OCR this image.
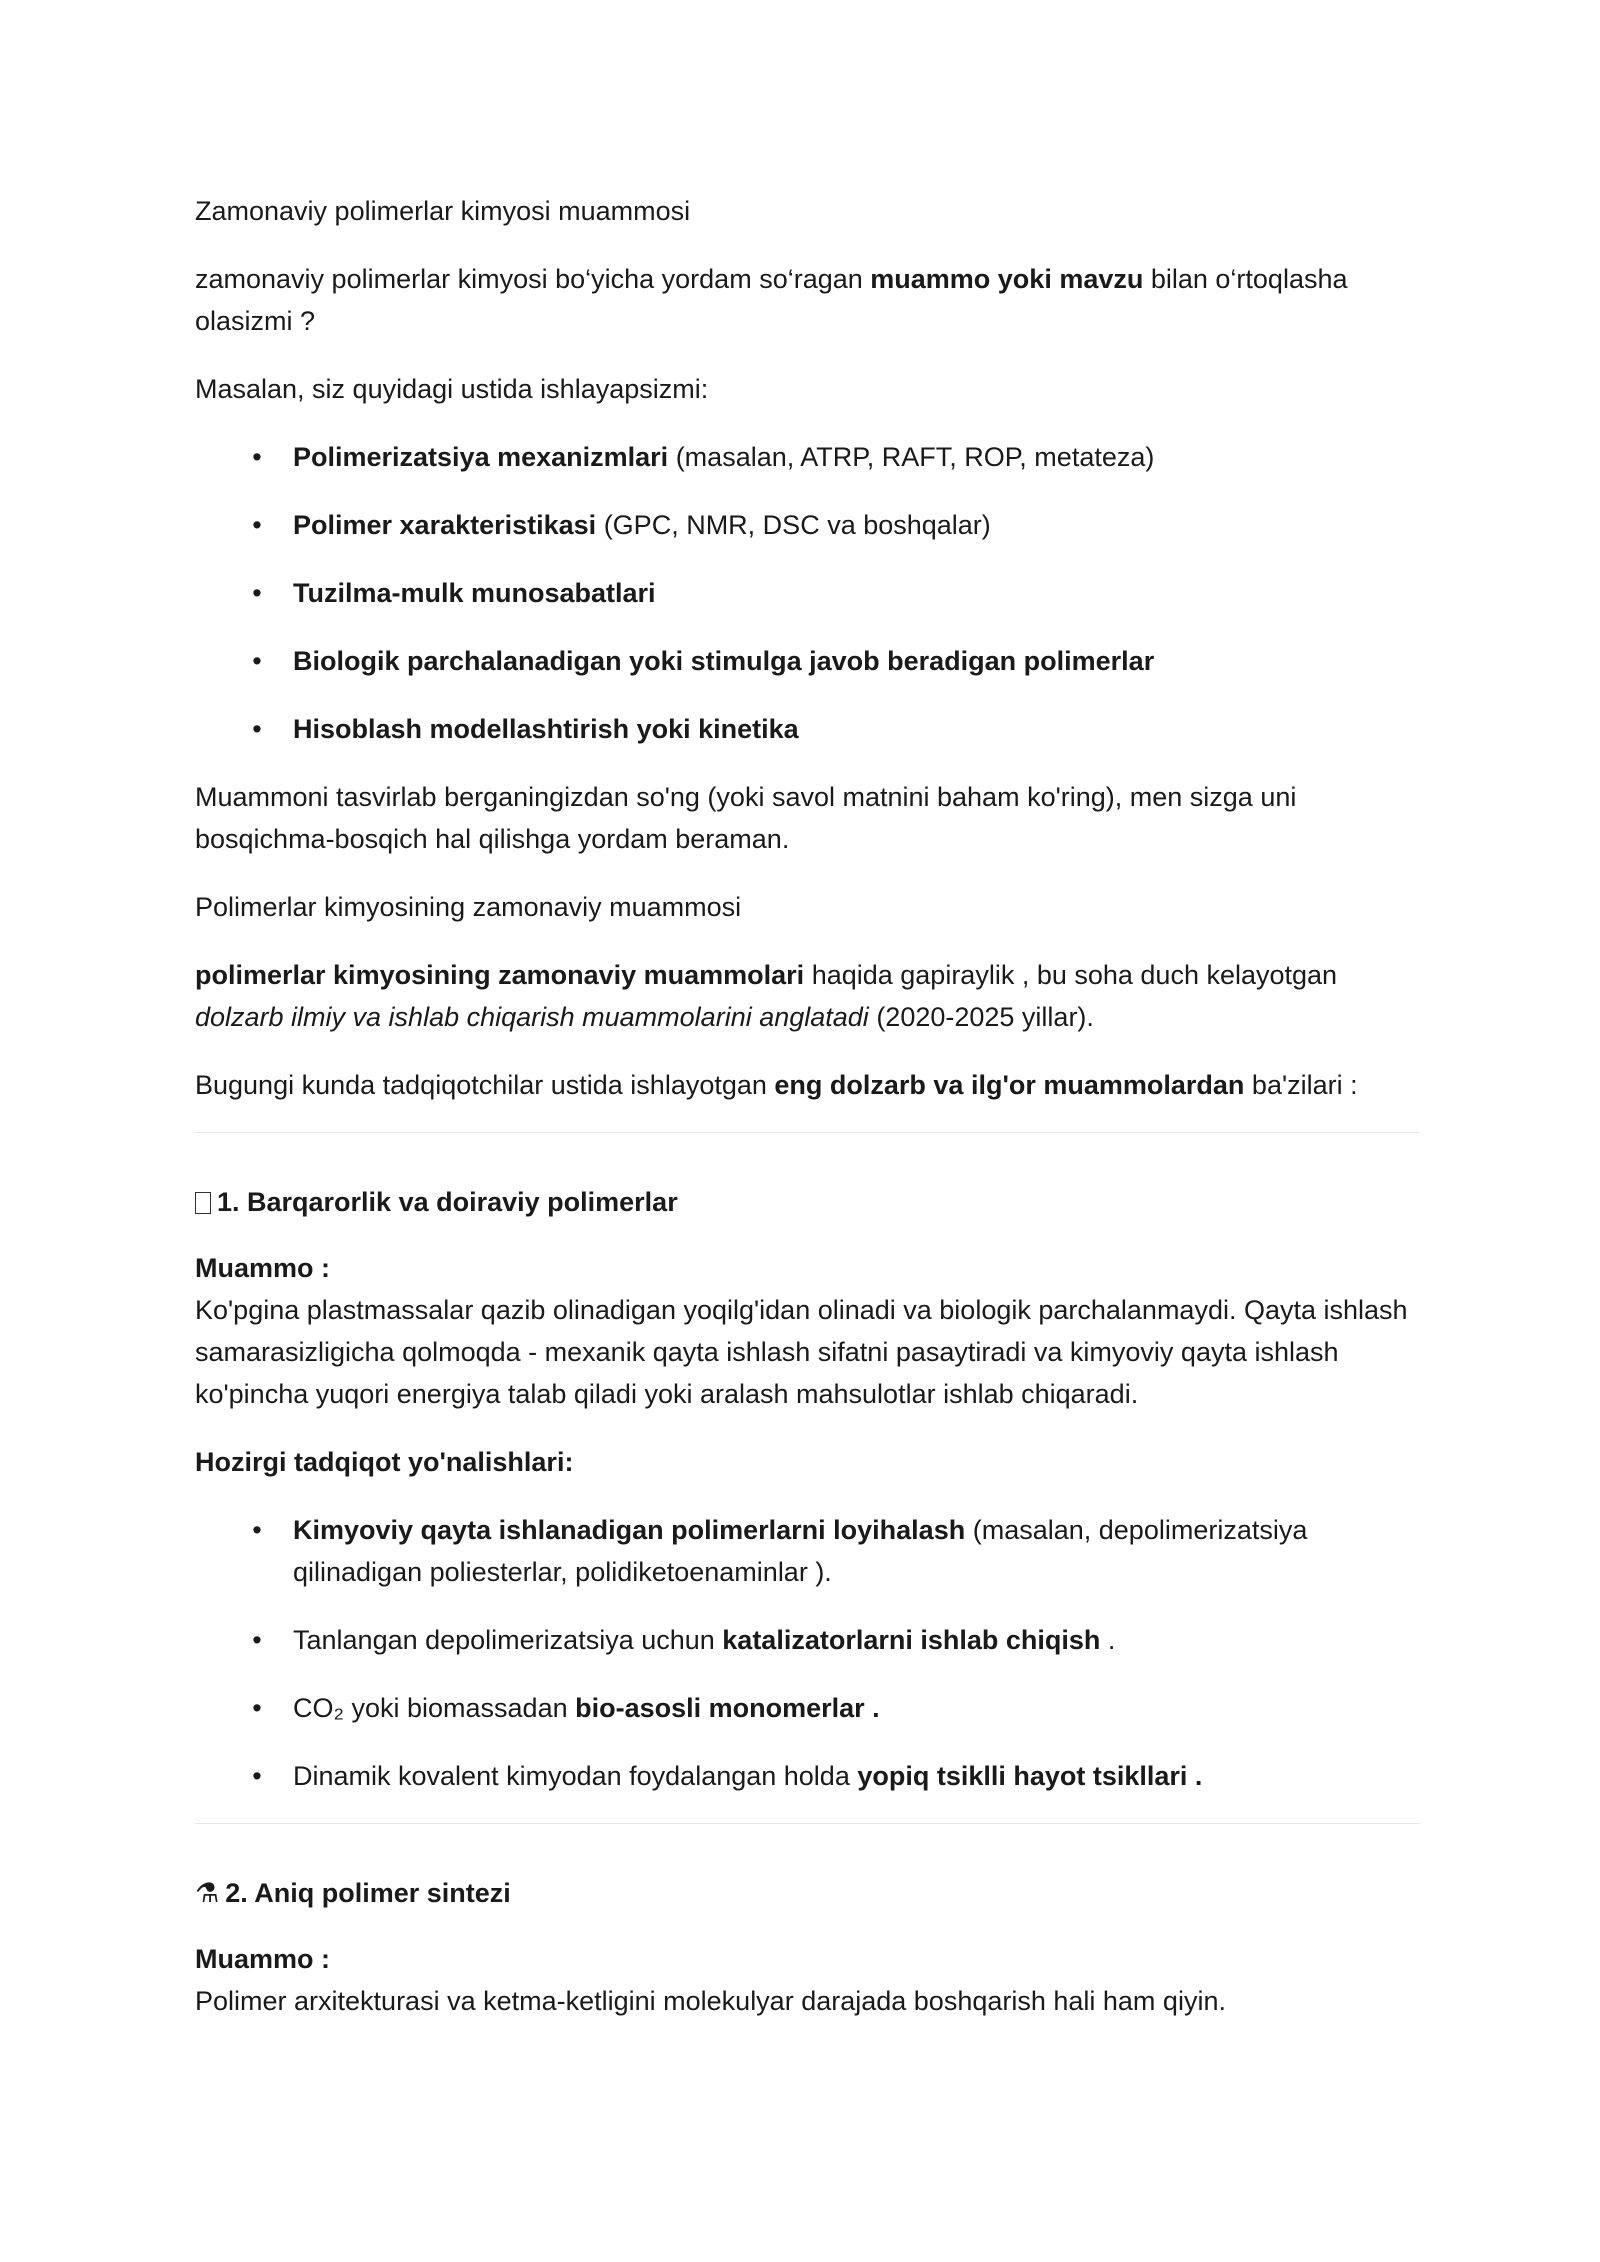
Zamonaviy polimerlar kimyosi muammosi

zamonaviy polimerlar kimyosi bo‘yicha yordam so‘ragan muammo yoki mavzu bilan o‘rtoqlasha olasizmi ?

Masalan, siz quyidagi ustida ishlayapsizmi:

• Polimerizatsiya mexanizmlari (masalan, ATRP, RAFT, ROP, metateza)
• Polimer xarakteristikasi (GPC, NMR, DSC va boshqalar)
• Tuzilma-mulk munosabatlari
• Biologik parchalanadigan yoki stimulga javob beradigan polimerlar
• Hisoblash modellashtirish yoki kinetika

Muammoni tasvirlab berganingizdan so'ng (yoki savol matnini baham ko'ring), men sizga uni bosqichma-bosqich hal qilishga yordam beraman.

Polimerlar kimyosining zamonaviy muammosi

polimerlar kimyosining zamonaviy muammolari haqida gapiraylik , bu soha duch kelayotgan dolzarb ilmiy va ishlab chiqarish muammolarini anglatadi (2020-2025 yillar).

Bugungi kunda tadqiqotchilar ustida ishlayotgan eng dolzarb va ilg'or muammolardan ba'zilari :

1. Barqarorlik va doiraviy polimerlar

Muammo :

Ko'pgina plastmassalar qazib olinadigan yoqilg'idan olinadi va biologik parchalanmaydi. Qayta ishlash samarasizligicha qolmoqda - mexanik qayta ishlash sifatni pasaytiradi va kimyoviy qayta ishlash ko'pincha yuqori energiya talab qiladi yoki aralash mahsulotlar ishlab chiqaradi.

Hozirgi tadqiqot yo'nalishlari:

• Kimyoviy qayta ishlanadigan polimerlarni loyihalash (masalan, depolimerizatsiya qilinadigan poliesterlar, polidiketoenaminlar ).
• Tanlangan depolimerizatsiya uchun katalizatorlarni ishlab chiqish .
• CO₂ yoki biomassadan bio-asosli monomerlar .
• Dinamik kovalent kimyodan foydalangan holda yopiq tsiklli hayot tsikllari .
⚗ 2. Aniq polimer sintezi

Muammo :

Polimer arxitekturasi va ketma-ketligini molekulyar darajada boshqarish hali ham qiyin.
